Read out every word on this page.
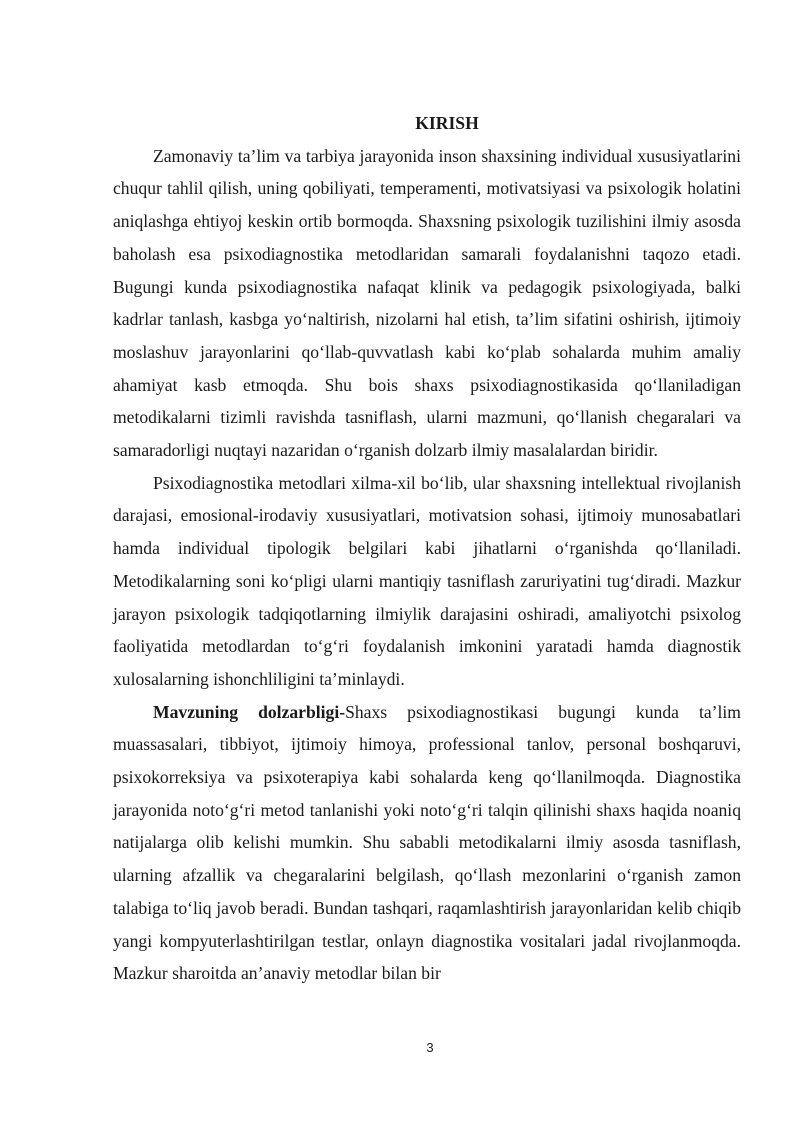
KIRISH

Zamonaviy ta’lim va tarbiya jarayonida inson shaxsining individual xususiyatlarini chuqur tahlil qilish, uning qobiliyati, temperamenti, motivatsiyasi va psixologik holatini aniqlashga ehtiyoj keskin ortib bormoqda. Shaxsning psixologik tuzilishini ilmiy asosda baholash esa psixodiagnostika metodlaridan samarali foydalanishni taqozo etadi. Bugungi kunda psixodiagnostika nafaqat klinik va pedagogik psixologiyada, balki kadrlar tanlash, kasbga yo‘naltirish, nizolarni hal etish, ta’lim sifatini oshirish, ijtimoiy moslashuv jarayonlarini qo‘llab-quvvatlash kabi ko‘plab sohalarda muhim amaliy ahamiyat kasb etmoqda. Shu bois shaxs psixodiagnostikasida qo‘llaniladigan metodikalarni tizimli ravishda tasniflash, ularni mazmuni, qo‘llanish chegaralari va samaradorligi nuqtayi nazaridan o‘rganish dolzarb ilmiy masalalardan biridir.

Psixodiagnostika metodlari xilma-xil bo‘lib, ular shaxsning intellektual rivojlanish darajasi, emosional-irodaviy xususiyatlari, motivatsion sohasi, ijtimoiy munosabatlari hamda individual tipologik belgilari kabi jihatlarni o‘rganishda qo‘llaniladi. Metodikalarning soni ko‘pligi ularni mantiqiy tasniflash zaruriyatini tug‘diradi. Mazkur jarayon psixologik tadqiqotlarning ilmiylik darajasini oshiradi, amaliyotchi psixolog faoliyatida metodlardan to‘g‘ri foydalanish imkonini yaratadi hamda diagnostik xulosalarning ishonchliligini ta’minlaydi.

Mavzuning dolzarbligi-Shaxs psixodiagnostikasi bugungi kunda ta’lim muassasalari, tibbiyot, ijtimoiy himoya, professional tanlov, personal boshqaruvi, psixokorreksiya va psixoterapiya kabi sohalarda keng qo‘llanilmoqda. Diagnostika jarayonida noto‘g‘ri metod tanlanishi yoki noto‘g‘ri talqin qilinishi shaxs haqida noaniq natijalarga olib kelishi mumkin. Shu sababli metodikalarni ilmiy asosda tasniflash, ularning afzallik va chegaralarini belgilash, qo‘llash mezonlarini o‘rganish zamon talabiga to‘liq javob beradi. Bundan tashqari, raqamlashtirish jarayonlaridan kelib chiqib yangi kompyuterlashtirilgan testlar, onlayn diagnostika vositalari jadal rivojlanmoqda. Mazkur sharoitda an’anaviy metodlar bilan bir

3
